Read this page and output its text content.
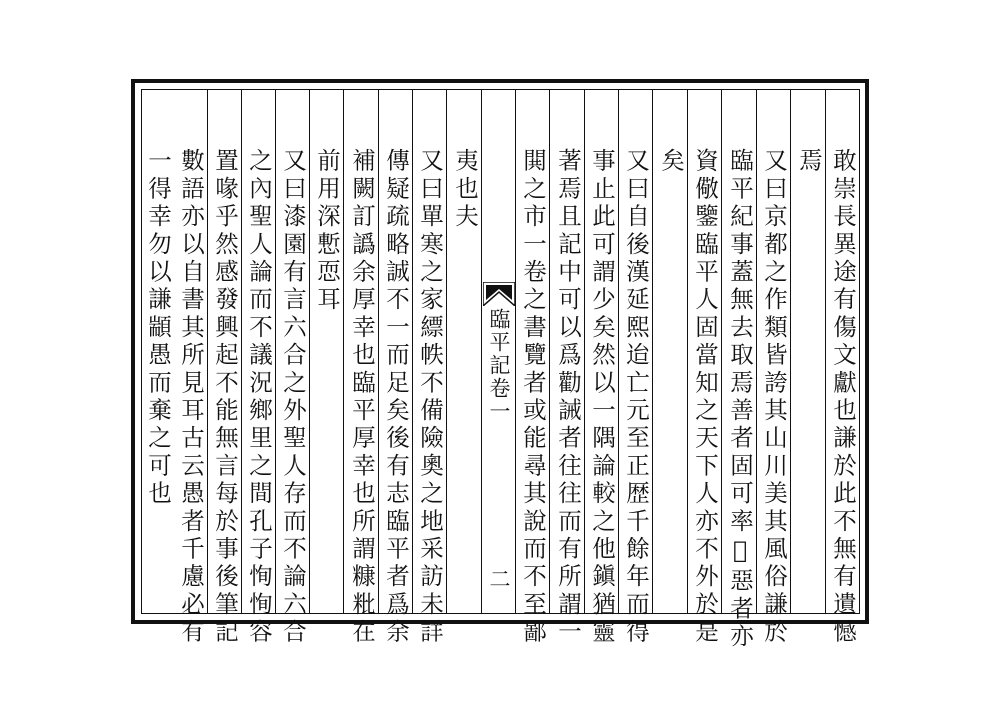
敢崇長異途有傷文獻也謙於此不無有遺憾
焉
又曰京都之作類皆誇其山川美其風俗謙於
臨平紀事蓋無去取焉善者固可率𢚞惡者亦
資儆鑒臨平人固當知之天下人亦不外於是
矣
又曰自後漢延熙迨亡元至正歴千餘年而得
事止此可謂少矣然以一隅論較之他鎭猶靈
著焉且記中可以爲勸誡者往往而有所謂一
閧之市一卷之書覽者或能尋其說而不至鄙
臨平記卷一
二
夷也夫
又曰單寒之家縹帙不備險奧之地采訪未詳
傳疑疏略誠不一而足矣後有志臨平者爲余
補闕訂譌余厚幸也臨平厚幸也所謂糠粃在
前用深慙恧耳
又曰漆園有言六合之外聖人存而不論六合
之內聖人論而不議況鄉里之間孔子恂恂容
置喙乎然感發興起不能無言每於事後筆記
數語亦以自書其所見耳古云愚者千慮必有
一得幸勿以謙顓愚而棄之可也
